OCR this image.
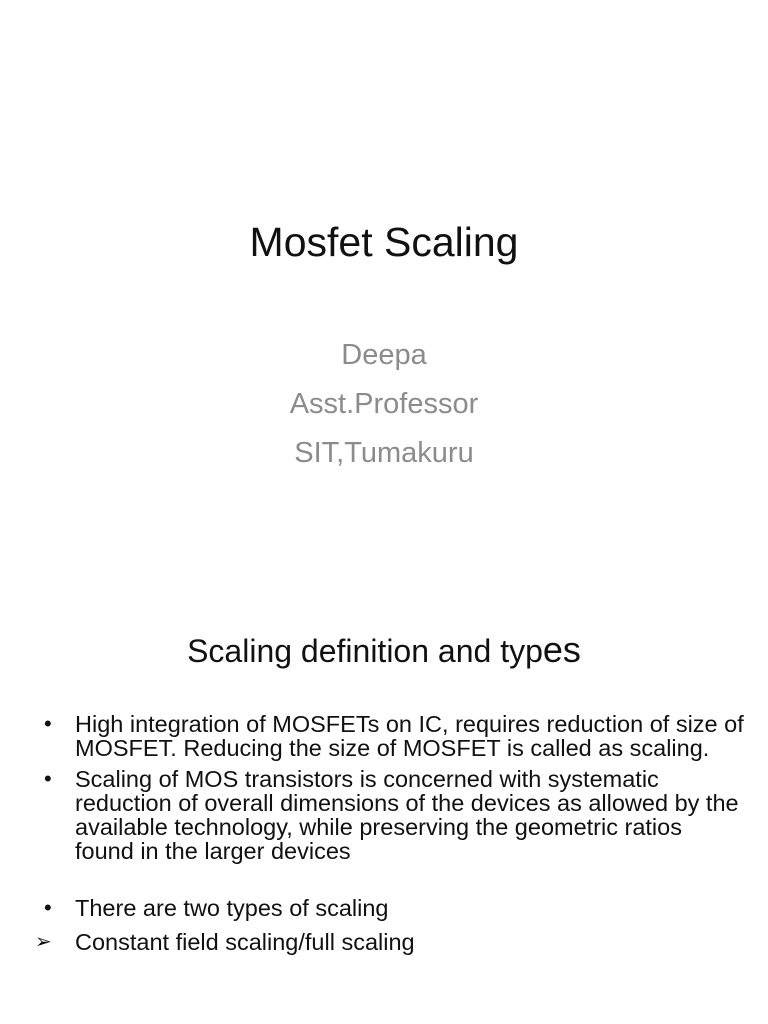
Mosfet Scaling
Deepa
Asst.Professor
SIT,Tumakuru
Scaling definition and types
• High integration of MOSFETs on IC, requires reduction of size of MOSFET. Reducing the size of MOSFET is called as scaling.
• Scaling of MOS transistors is concerned with systematic reduction of overall dimensions of the devices as allowed by the available technology, while preserving the geometric ratios found in the larger devices
• There are two types of scaling
➢ Constant field scaling/full scaling
